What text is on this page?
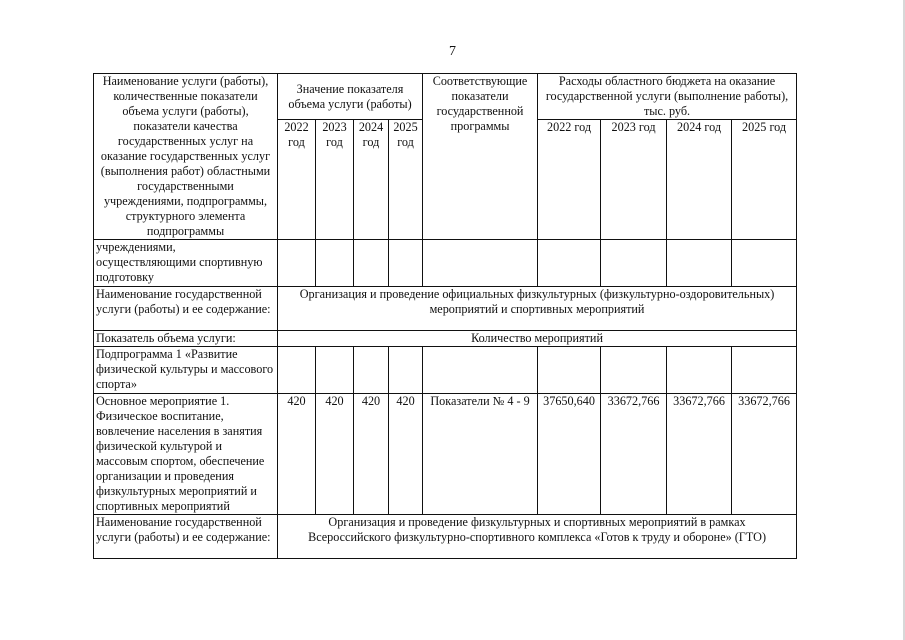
7
Наименование услуги (работы), количественные показатели объема услуги (работы), показатели качества государственных услуг на оказание государственных услуг (выполнения работ) областными государственными учреждениями, подпрограммы, структурного элемента подпрограммы	Значение показателя объема услуги (работы)				Соответствующие показатели государственной программы	Расходы областного бюджета на оказание государственной услуги (выполнение работы), тыс. руб.			
	2022 год	2023 год	2024 год	2025 год		2022 год	2023 год	2024 год	2025 год
учреждениями, осуществляющими спортивную подготовку									
Наименование государственной услуги (работы) и ее содержание:	Организация и проведение официальных физкультурных (физкультурно-оздоровительных) мероприятий и спортивных мероприятий								
Показатель объема услуги:	Количество мероприятий								
Подпрограмма 1 «Развитие физической культуры и массового спорта»									
Основное мероприятие 1. Физическое воспитание, вовлечение населения в занятия физической культурой и массовым спортом, обеспечение организации и проведения физкультурных мероприятий и спортивных мероприятий	420	420	420	420	Показатели № 4 - 9	37650,640	33672,766	33672,766	33672,766
Наименование государственной услуги (работы) и ее содержание:	Организация и проведение физкультурных и спортивных мероприятий в рамках Всероссийского физкультурно-спортивного комплекса «Готов к труду и обороне» (ГТО)								
